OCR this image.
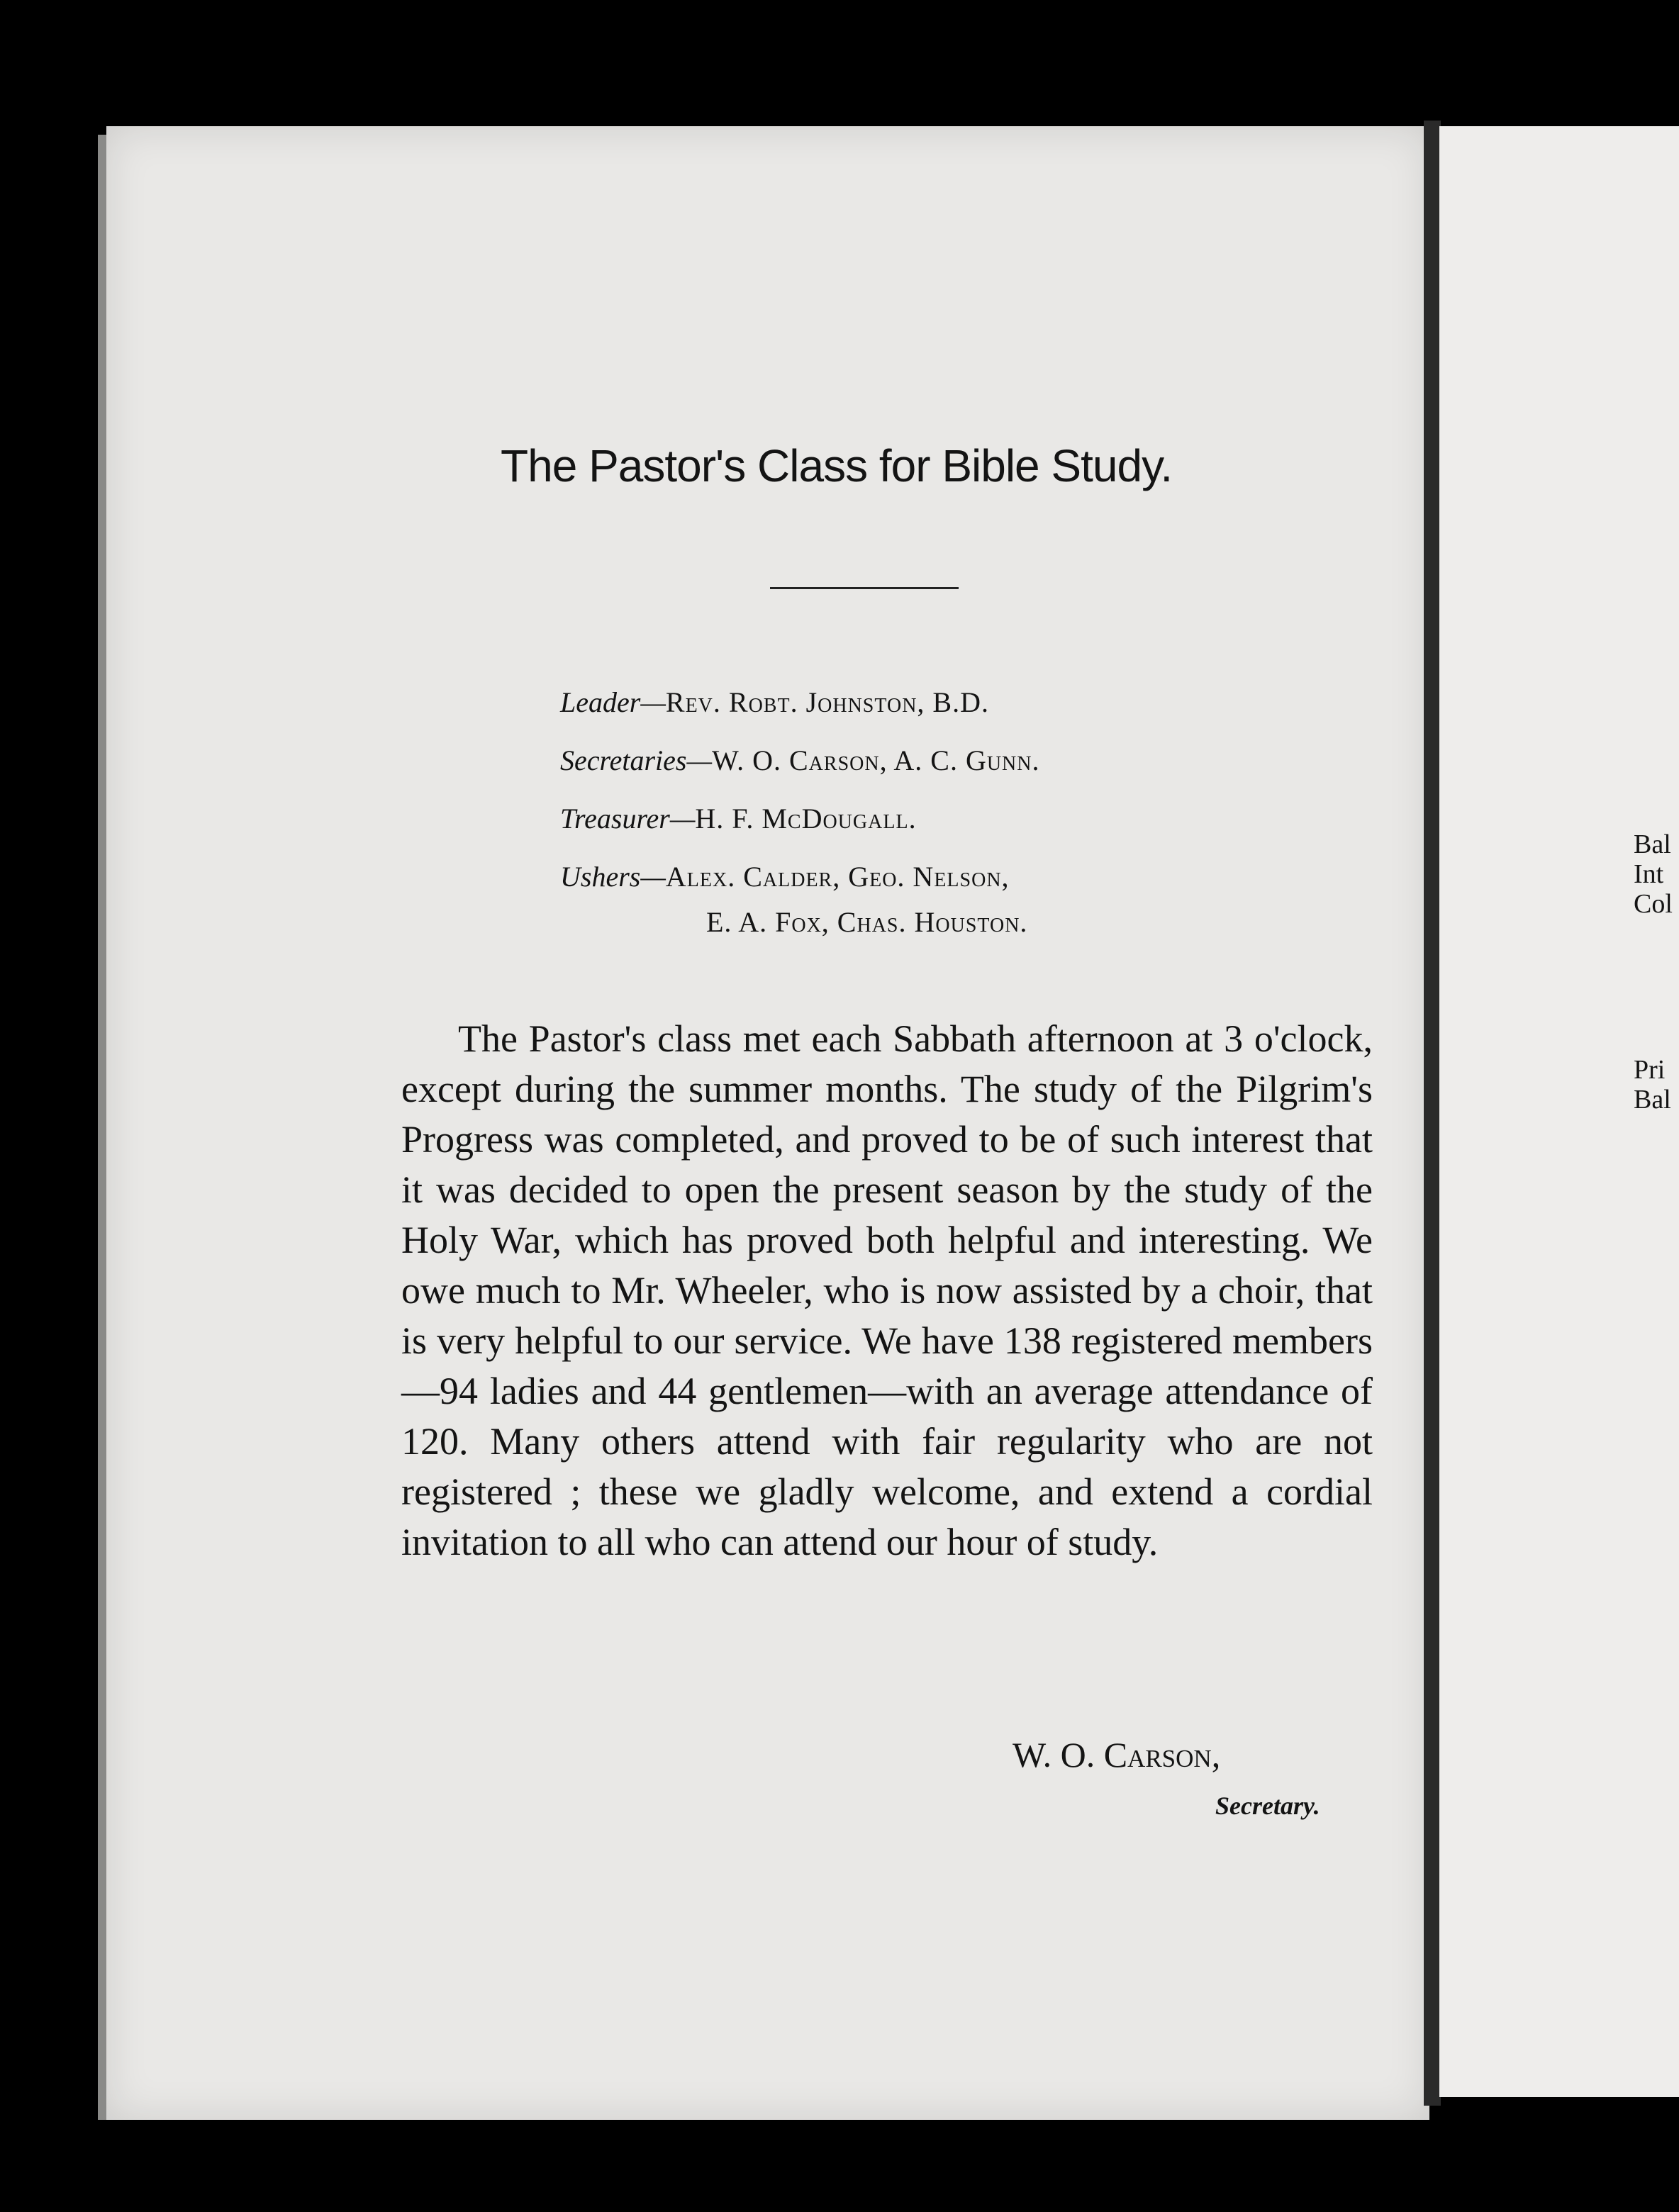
The Pastor's Class for Bible Study.
Leader—Rev. Robt. Johnston, B.D.
Secretaries—W. O. Carson, A. C. Gunn.
Treasurer—H. F. McDougall.
Ushers—Alex. Calder, Geo. Nelson,
E. A. Fox, Chas. Houston.

The Pastor's class met each Sabbath afternoon at 3 o'clock, except during the summer months. The study of the Pilgrim's Progress was completed, and proved to be of such interest that it was decided to open the present season by the study of the Holy War, which has proved both helpful and interesting. We owe much to Mr. Wheeler, who is now assisted by a choir, that is very helpful to our service. We have 138 registered members—94 ladies and 44 gentlemen—with an average attendance of 120. Many others attend with fair regularity who are not registered ; these we gladly welcome, and extend a cordial invitation to all who can attend our hour of study.

W. O. Carson,
Secretary.
Bal
Int
Col
Pri
Bal
